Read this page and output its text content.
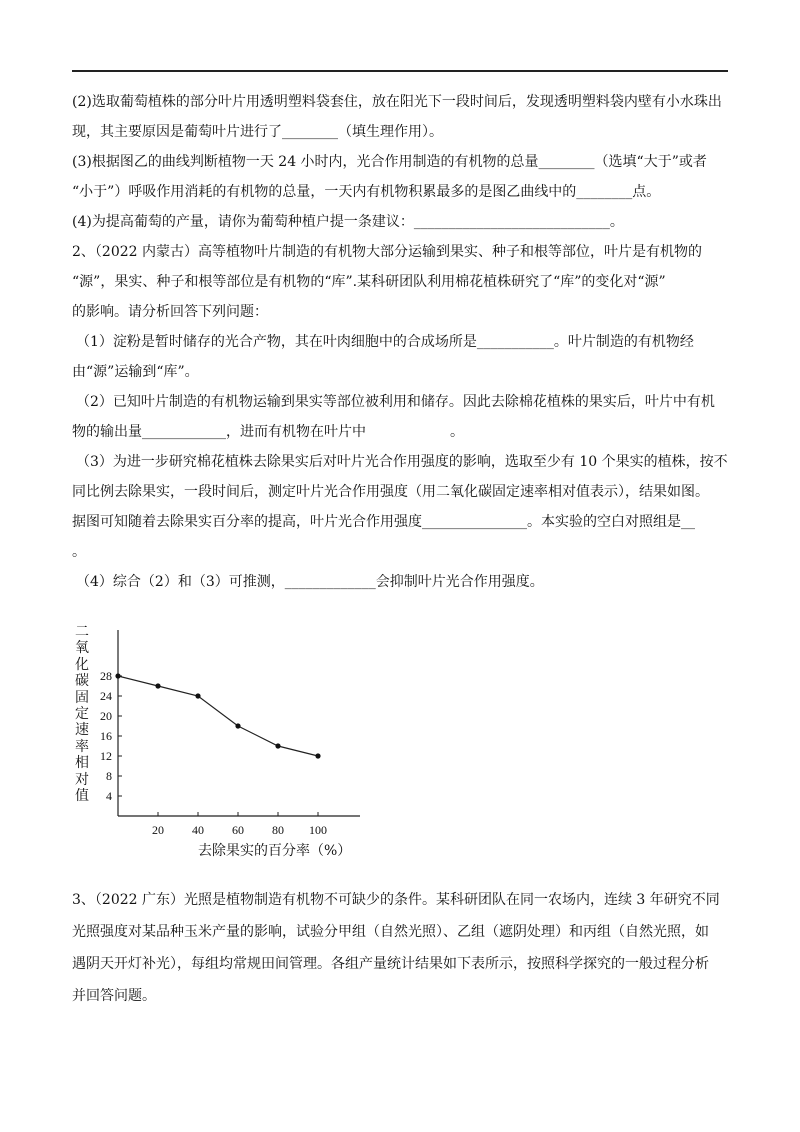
(2)选取葡萄植株的部分叶片用透明塑料袋套住，放在阳光下一段时间后，发现透明塑料袋内壁有小水珠出
现，其主要原因是葡萄叶片进行了________（填生理作用）。
(3)根据图乙的曲线判断植物一天 24 小时内，光合作用制造的有机物的总量________（选填“大于”或者
“小于”）呼吸作用消耗的有机物的总量，一天内有机物积累最多的是图乙曲线中的________点。
(4)为提高葡萄的产量，请你为葡萄种植户提一条建议：____________________________。
2、（2022 内蒙古）高等植物叶片制造的有机物大部分运输到果实、种子和根等部位，叶片是有机物的
“源”，果实、种子和根等部位是有机物的“库”.某科研团队利用棉花植株研究了“库”的变化对“源”
的影响。请分析回答下列问题：
（1）淀粉是暂时储存的光合产物，其在叶肉细胞中的合成场所是___________。叶片制造的有机物经
由“源”运输到“库”。
（2）已知叶片制造的有机物运输到果实等部位被利用和储存。因此去除棉花植株的果实后，叶片中有机
物的输出量____________，进而有机物在叶片中　　　　　　。
（3）为进一步研究棉花植株去除果实后对叶片光合作用强度的影响，选取至少有 10 个果实的植株，按不
同比例去除果实，一段时间后，测定叶片光合作用强度（用二氧化碳固定速率相对值表示），结果如图。
据图可知随着去除果实百分率的提高，叶片光合作用强度_______________。本实验的空白对照组是__
。
（4）综合（2）和（3）可推测，_____________会抑制叶片光合作用强度。
二氧化碳固定速率相对值 4
8
12
16
20
24
28
20 40 60 80 100
去除果实的百分率（%）
3、（2022 广东）光照是植物制造有机物不可缺少的条件。某科研团队在同一农场内，连续 3 年研究不同
光照强度对某品种玉米产量的影响，试验分甲组（自然光照）、乙组（遮阴处理）和丙组（自然光照，如
遇阴天开灯补光），每组均常规田间管理。各组产量统计结果如下表所示，按照科学探究的一般过程分析
并回答问题。
